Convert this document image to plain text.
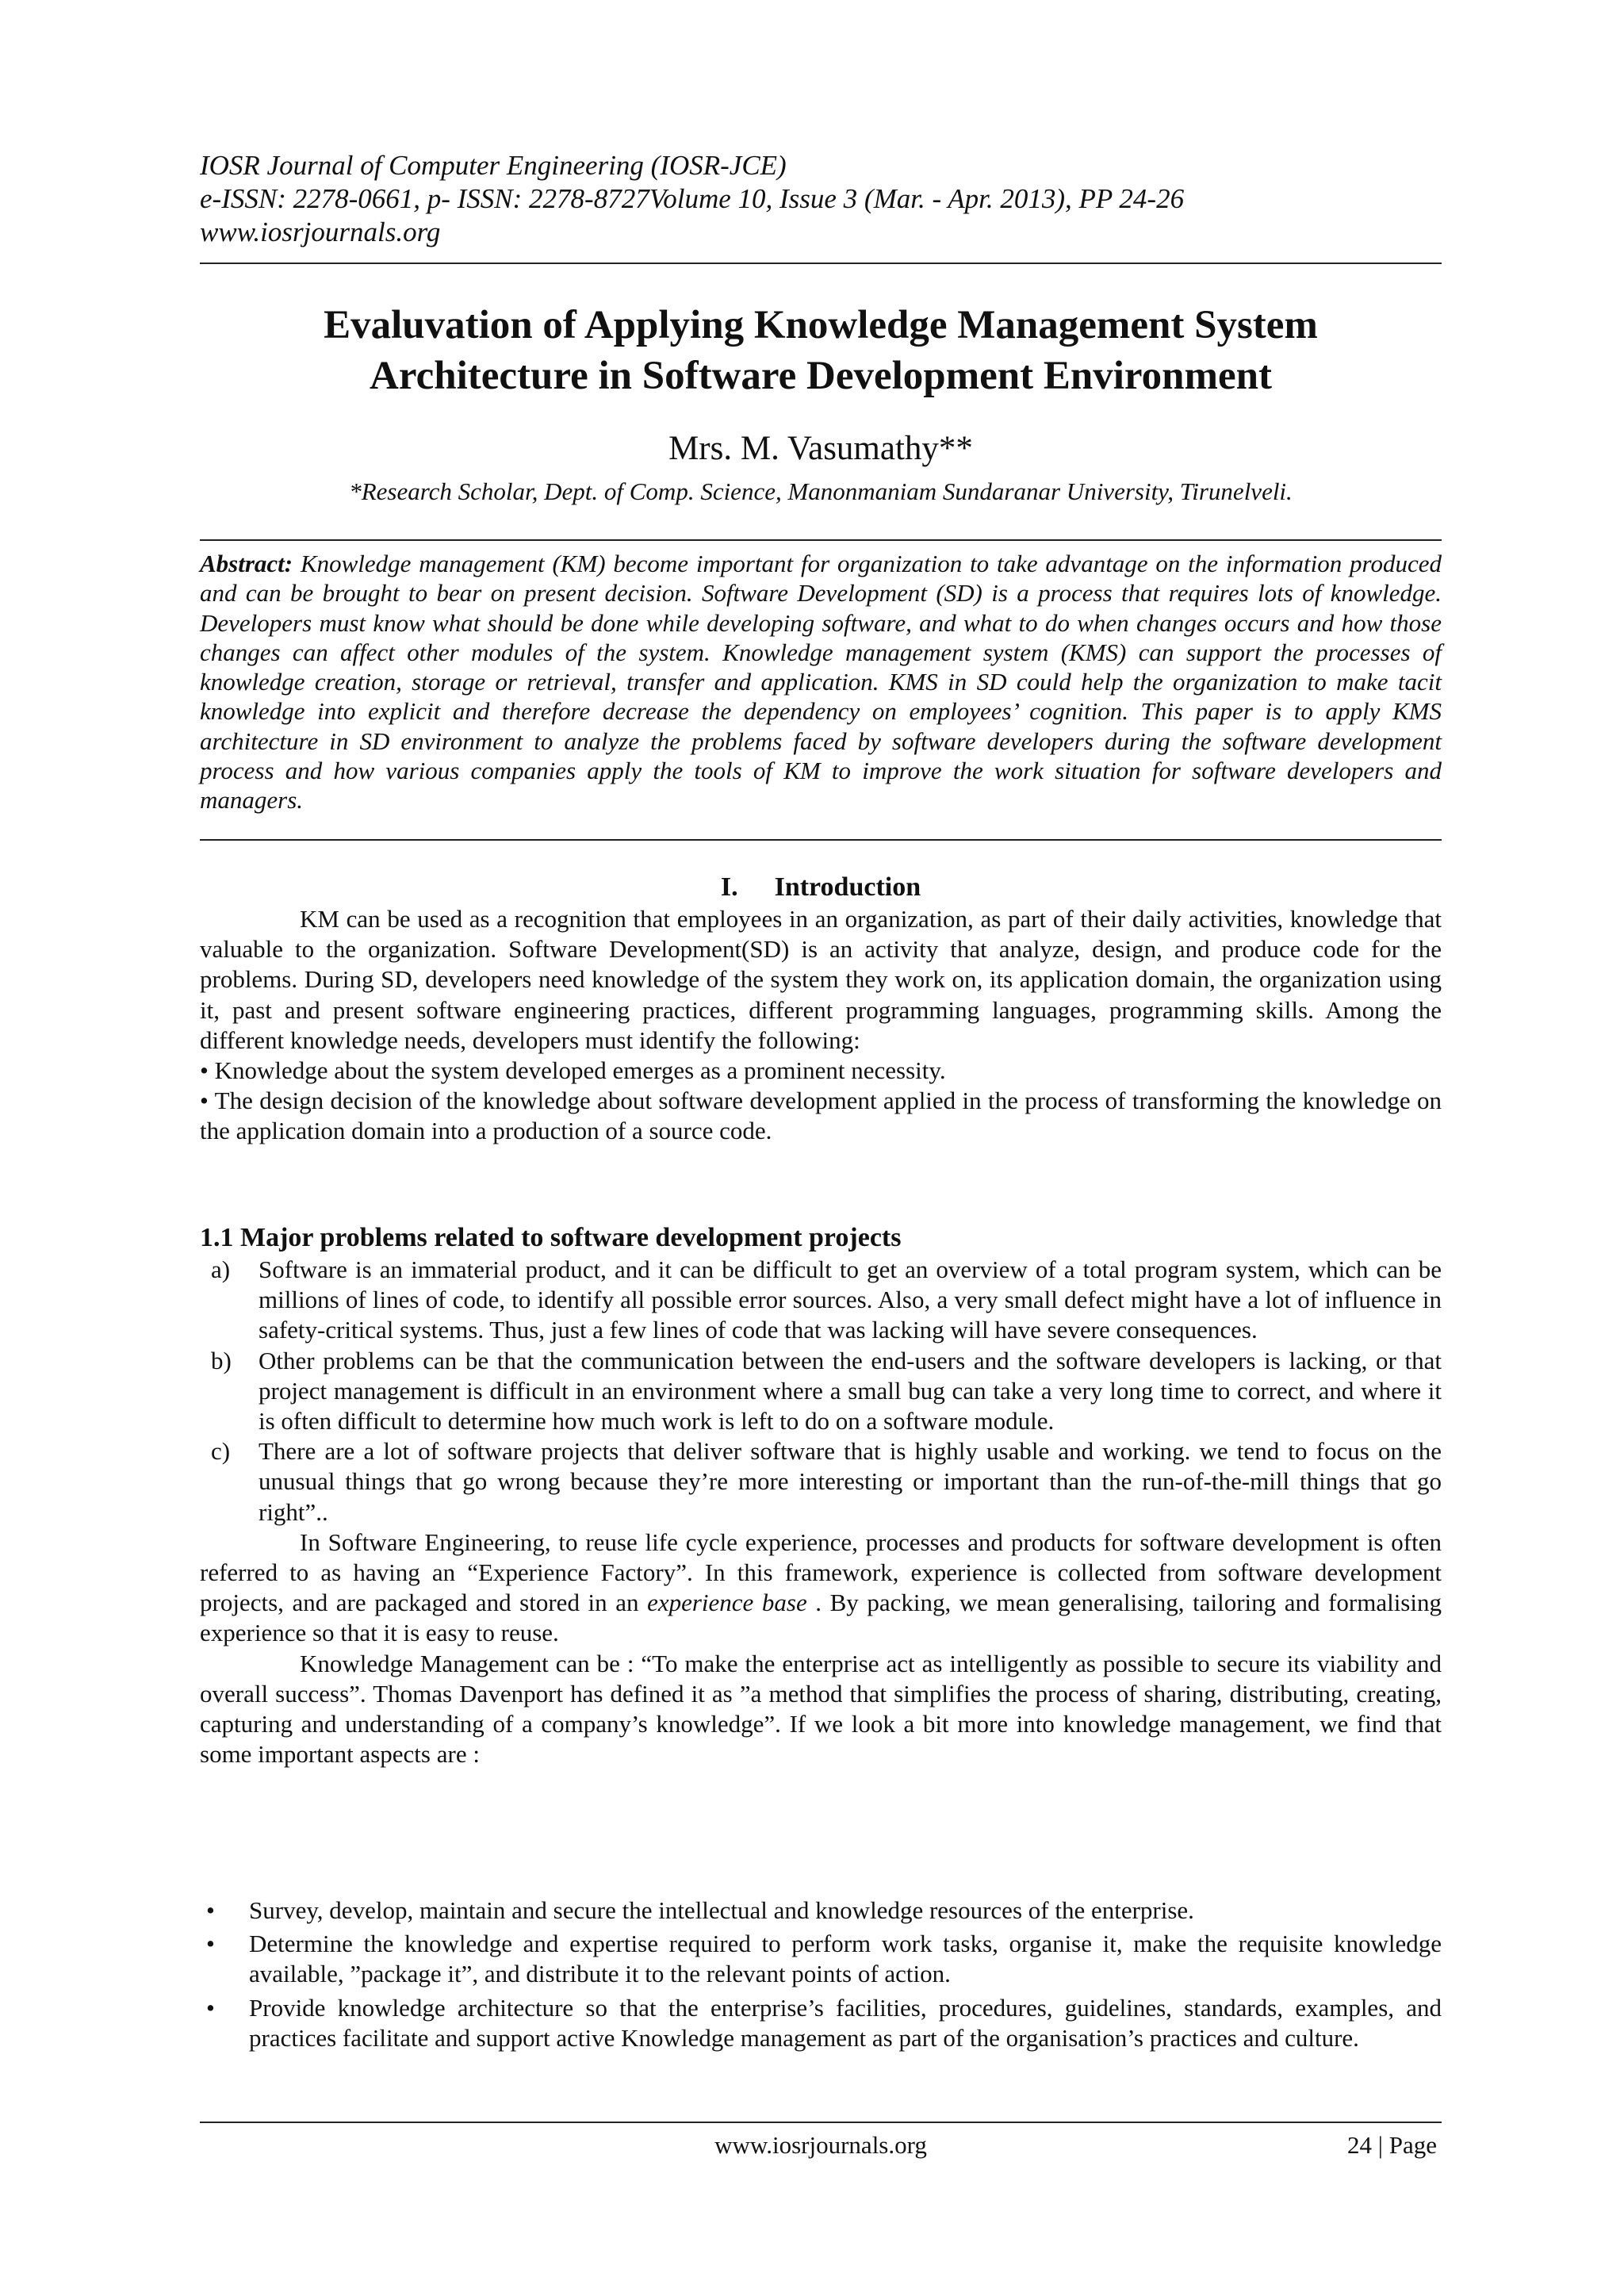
IOSR Journal of Computer Engineering (IOSR-JCE)
e-ISSN: 2278-0661, p- ISSN: 2278-8727Volume 10, Issue 3 (Mar. - Apr. 2013), PP 24-26
www.iosrjournals.org
Evaluvation of Applying Knowledge Management System
Architecture in Software Development Environment
Mrs. M. Vasumathy**
*Research Scholar, Dept. of Comp. Science, Manonmaniam Sundaranar University, Tirunelveli.
Abstract: Knowledge management (KM) become important for organization to take advantage on the information produced and can be brought to bear on present decision. Software Development (SD) is a process that requires lots of knowledge. Developers must know what should be done while developing software, and what to do when changes occurs and how those changes can affect other modules of the system. Knowledge management system (KMS) can support the processes of knowledge creation, storage or retrieval, transfer and application. KMS in SD could help the organization to make tacit knowledge into explicit and therefore decrease the dependency on employees’ cognition. This paper is to apply KMS architecture in SD environment to analyze the problems faced by software developers during the software development process and how various companies apply the tools of KM to improve the work situation for software developers and managers.
I. Introduction
KM can be used as a recognition that employees in an organization, as part of their daily activities, knowledge that valuable to the organization. Software Development(SD) is an activity that analyze, design, and produce code for the problems. During SD, developers need knowledge of the system they work on, its application domain, the organization using it, past and present software engineering practices, different programming languages, programming skills. Among the different knowledge needs, developers must identify the following:
• Knowledge about the system developed emerges as a prominent necessity.
• The design decision of the knowledge about software development applied in the process of transforming the knowledge on the application domain into a production of a source code.
1.1 Major problems related to software development projects
a) Software is an immaterial product, and it can be difficult to get an overview of a total program system, which can be millions of lines of code, to identify all possible error sources. Also, a very small defect might have a lot of influence in safety-critical systems. Thus, just a few lines of code that was lacking will have severe consequences.
b) Other problems can be that the communication between the end-users and the software developers is lacking, or that project management is difficult in an environment where a small bug can take a very long time to correct, and where it is often difficult to determine how much work is left to do on a software module.
c) There are a lot of software projects that deliver software that is highly usable and working. we tend to focus on the unusual things that go wrong because they’re more interesting or important than the run-of-the-mill things that go right”..
In Software Engineering, to reuse life cycle experience, processes and products for software development is often referred to as having an “Experience Factory”. In this framework, experience is collected from software development projects, and are packaged and stored in an experience base . By packing, we mean generalising, tailoring and formalising experience so that it is easy to reuse.
Knowledge Management can be : “To make the enterprise act as intelligently as possible to secure its viability and overall success”. Thomas Davenport has defined it as ”a method that simplifies the process of sharing, distributing, creating, capturing and understanding of a company’s knowledge”. If we look a bit more into knowledge management, we find that some important aspects are :
• Survey, develop, maintain and secure the intellectual and knowledge resources of the enterprise.
• Determine the knowledge and expertise required to perform work tasks, organise it, make the requisite knowledge available, ”package it”, and distribute it to the relevant points of action.
• Provide knowledge architecture so that the enterprise’s facilities, procedures, guidelines, standards, examples, and practices facilitate and support active Knowledge management as part of the organisation’s practices and culture.
www.iosrjournals.org	24 | Page
